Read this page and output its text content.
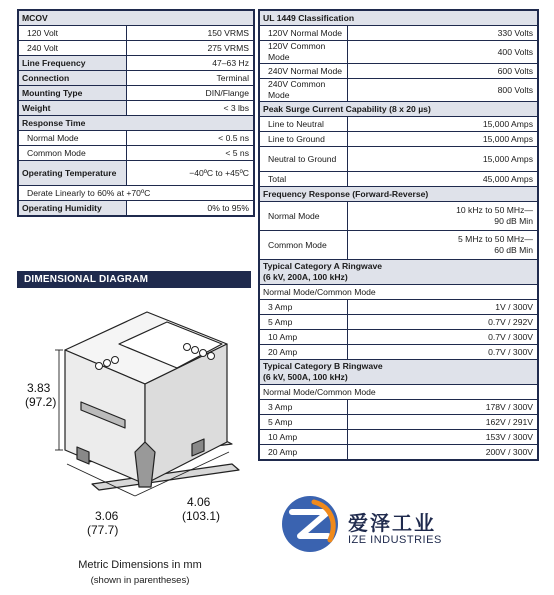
MCOV	
120 Volt	150 VRMS
240 Volt	275 VRMS
Line Frequency	47–63 Hz
Connection	Terminal
Mounting Type	DIN/Flange
Weight	< 3 lbs
Response Time	
Normal Mode	< 0.5 ns
Common Mode	< 5 ns
Operating Temperature	−40ºC to +45ºC
Derate Linearly to 60% at +70ºC	
Operating Humidity	0% to 95%
UL 1449 Classification	
120V Normal Mode	330 Volts
120V Common Mode	400 Volts
240V Normal Mode	600 Volts
240V Common Mode	800 Volts
Peak Surge Current Capability (8 x 20 µs)	
Line to Neutral	15,000 Amps
Line to Ground	15,000 Amps
Neutral to Ground	15,000 Amps
Total	45,000 Amps
Frequency Response (Forward-Reverse)	
Normal Mode	10 kHz to 50 MHz—
90 dB Min
Common Mode	5 MHz to 50 MHz—
60 dB Min
Typical Category A Ringwave
(6 kV, 200A, 100 kHz)	
Normal Mode/Common Mode	
3 Amp	1V / 300V
5 Amp	0.7V / 292V
10 Amp	0.7V / 300V
20 Amp	0.7V / 300V
Typical Category B Ringwave
(6 kV, 500A, 100 kHz)	
Normal Mode/Common Mode	
3 Amp	178V / 300V
5 Amp	162V / 291V
10 Amp	153V / 300V
20 Amp	200V / 300V
DIMENSIONAL DIAGRAM
3.83
(97.2)
3.06
(77.7)
4.06
(103.1)
Metric Dimensions in mm
(shown in parentheses)
爱泽工业
IZE INDUSTRIES
